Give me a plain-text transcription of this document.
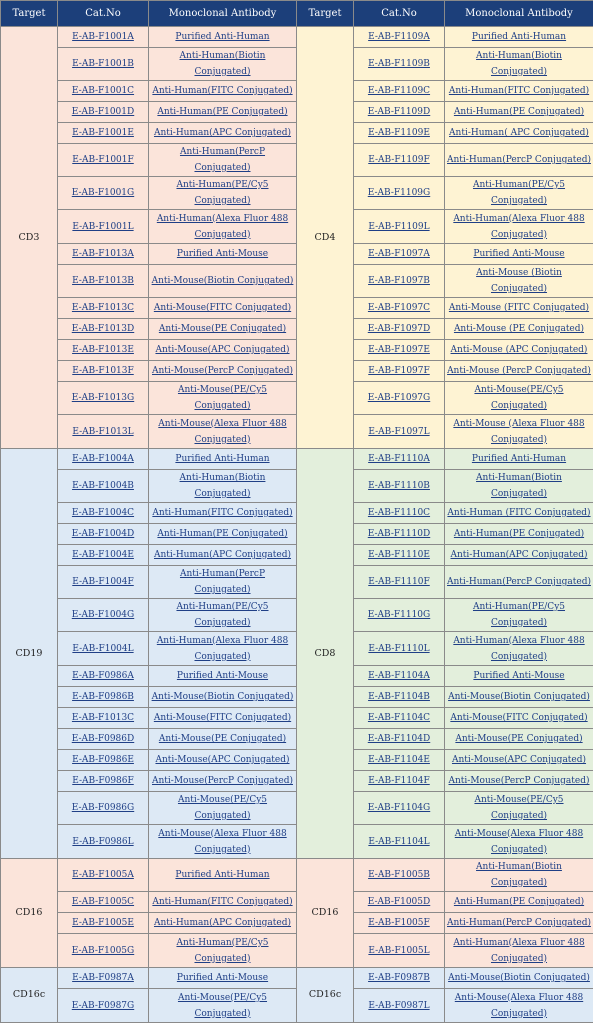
Target	Cat.No	Monoclonal Antibody	Target	Cat.No	Monoclonal Antibody
CD3	E-AB-F1001A	Purified Anti-Human	CD4	E-AB-F1109A	Purified Anti-Human
	E-AB-F1001B	Anti-Human(Biotin Conjugated)		E-AB-F1109B	Anti-Human(Biotin Conjugated)
	E-AB-F1001C	Anti-Human(FITC Conjugated)		E-AB-F1109C	Anti-Human(FITC Conjugated)
	E-AB-F1001D	Anti-Human(PE Conjugated)		E-AB-F1109D	Anti-Human(PE Conjugated)
	E-AB-F1001E	Anti-Human(APC Conjugated)		E-AB-F1109E	Anti-Human( APC Conjugated)
	E-AB-F1001F	Anti-Human(PercP Conjugated)		E-AB-F1109F	Anti-Human(PercP Conjugated)
	E-AB-F1001G	Anti-Human(PE/Cy5 Conjugated)		E-AB-F1109G	Anti-Human(PE/Cy5 Conjugated)
	E-AB-F1001L	Anti-Human(Alexa Fluor 488 Conjugated)		E-AB-F1109L	Anti-Human(Alexa Fluor 488 Conjugated)
	E-AB-F1013A	Purified Anti-Mouse		E-AB-F1097A	Purified Anti-Mouse
	E-AB-F1013B	Anti-Mouse(Biotin Conjugated)		E-AB-F1097B	Anti-Mouse (Biotin Conjugated)
	E-AB-F1013C	Anti-Mouse(FITC Conjugated)		E-AB-F1097C	Anti-Mouse (FITC Conjugated)
	E-AB-F1013D	Anti-Mouse(PE Conjugated)		E-AB-F1097D	Anti-Mouse (PE Conjugated)
	E-AB-F1013E	Anti-Mouse(APC Conjugated)		E-AB-F1097E	Anti-Mouse (APC Conjugated)
	E-AB-F1013F	Anti-Mouse(PercP Conjugated)		E-AB-F1097F	Anti-Mouse (PercP Conjugated)
	E-AB-F1013G	Anti-Mouse(PE/Cy5 Conjugated)		E-AB-F1097G	Anti-Mouse(PE/Cy5 Conjugated)
	E-AB-F1013L	Anti-Mouse(Alexa Fluor 488 Conjugated)		E-AB-F1097L	Anti-Mouse (Alexa Fluor 488 Conjugated)
CD19	E-AB-F1004A	Purified Anti-Human	CD8	E-AB-F1110A	Purified Anti-Human
	E-AB-F1004B	Anti-Human(Biotin Conjugated)		E-AB-F1110B	Anti-Human(Biotin Conjugated)
	E-AB-F1004C	Anti-Human(FITC Conjugated)		E-AB-F1110C	Anti-Human (FITC Conjugated)
	E-AB-F1004D	Anti-Human(PE Conjugated)		E-AB-F1110D	Anti-Human(PE Conjugated)
	E-AB-F1004E	Anti-Human(APC Conjugated)		E-AB-F1110E	Anti-Human(APC Conjugated)
	E-AB-F1004F	Anti-Human(PercP Conjugated)		E-AB-F1110F	Anti-Human(PercP Conjugated)
	E-AB-F1004G	Anti-Human(PE/Cy5 Conjugated)		E-AB-F1110G	Anti-Human(PE/Cy5 Conjugated)
	E-AB-F1004L	Anti-Human(Alexa Fluor 488 Conjugated)		E-AB-F1110L	Anti-Human(Alexa Fluor 488 Conjugated)
	E-AB-F0986A	Purified Anti-Mouse		E-AB-F1104A	Purified Anti-Mouse
	E-AB-F0986B	Anti-Mouse(Biotin Conjugated)		E-AB-F1104B	Anti-Mouse(Biotin Conjugated)
	E-AB-F1013C	Anti-Mouse(FITC Conjugated)		E-AB-F1104C	Anti-Mouse(FITC Conjugated)
	E-AB-F0986D	Anti-Mouse(PE Conjugated)		E-AB-F1104D	Anti-Mouse(PE Conjugated)
	E-AB-F0986E	Anti-Mouse(APC Conjugated)		E-AB-F1104E	Anti-Mouse(APC Conjugated)
	E-AB-F0986F	Anti-Mouse(PercP Conjugated)		E-AB-F1104F	Anti-Mouse(PercP Conjugated)
	E-AB-F0986G	Anti-Mouse(PE/Cy5 Conjugated)		E-AB-F1104G	Anti-Mouse(PE/Cy5 Conjugated)
	E-AB-F0986L	Anti-Mouse(Alexa Fluor 488 Conjugated)		E-AB-F1104L	Anti-Mouse(Alexa Fluor 488 Conjugated)
CD16	E-AB-F1005A	Purified Anti-Human	CD16	E-AB-F1005B	Anti-Human(Biotin Conjugated)
	E-AB-F1005C	Anti-Human(FITC Conjugated)		E-AB-F1005D	Anti-Human(PE Conjugated)
	E-AB-F1005E	Anti-Human(APC Conjugated)		E-AB-F1005F	Anti-Human(PercP Conjugated)
	E-AB-F1005G	Anti-Human(PE/Cy5 Conjugated)		E-AB-F1005L	Anti-Human(Alexa Fluor 488 Conjugated)
CD16c	E-AB-F0987A	Purified Anti-Mouse	CD16c	E-AB-F0987B	Anti-Mouse(Biotin Conjugated)
	E-AB-F0987G	Anti-Mouse(PE/Cy5 Conjugated)		E-AB-F0987L	Anti-Mouse(Alexa Fluor 488 Conjugated)
